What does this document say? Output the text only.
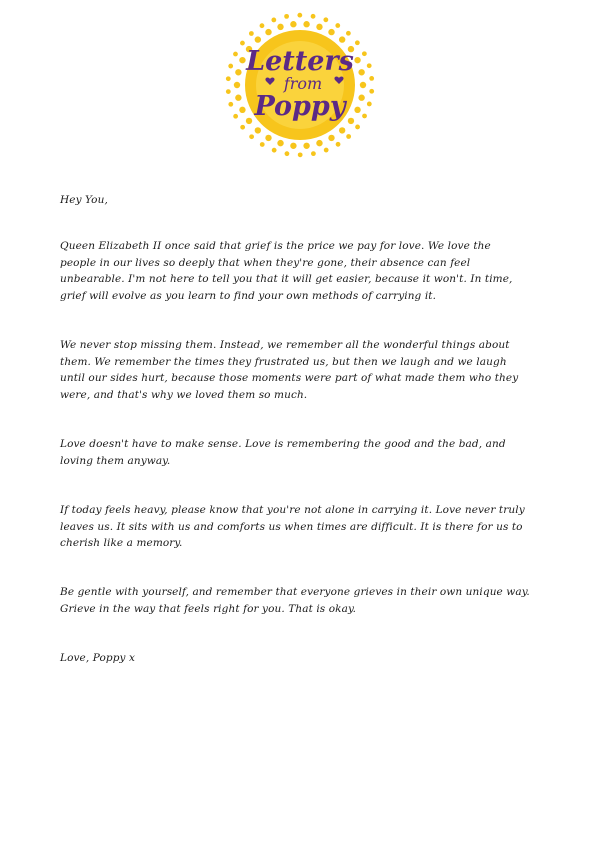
Letters
from
Poppy

Hey You,

Queen Elizabeth II once said that grief is the price we pay for love. We love the people in our lives so deeply that when they're gone, their absence can feel unbearable. I'm not here to tell you that it will get easier, because it won't. In time, grief will evolve as you learn to find your own methods of carrying it.

We never stop missing them. Instead, we remember all the wonderful things about them. We remember the times they frustrated us, but then we laugh and we laugh until our sides hurt, because those moments were part of what made them who they were, and that's why we loved them so much.

Love doesn't have to make sense. Love is remembering the good and the bad, and loving them anyway.

If today feels heavy, please know that you're not alone in carrying it. Love never truly leaves us. It sits with us and comforts us when times are difficult. It is there for us to cherish like a memory.

Be gentle with yourself, and remember that everyone grieves in their own unique way. Grieve in the way that feels right for you. That is okay.

Love, Poppy x
